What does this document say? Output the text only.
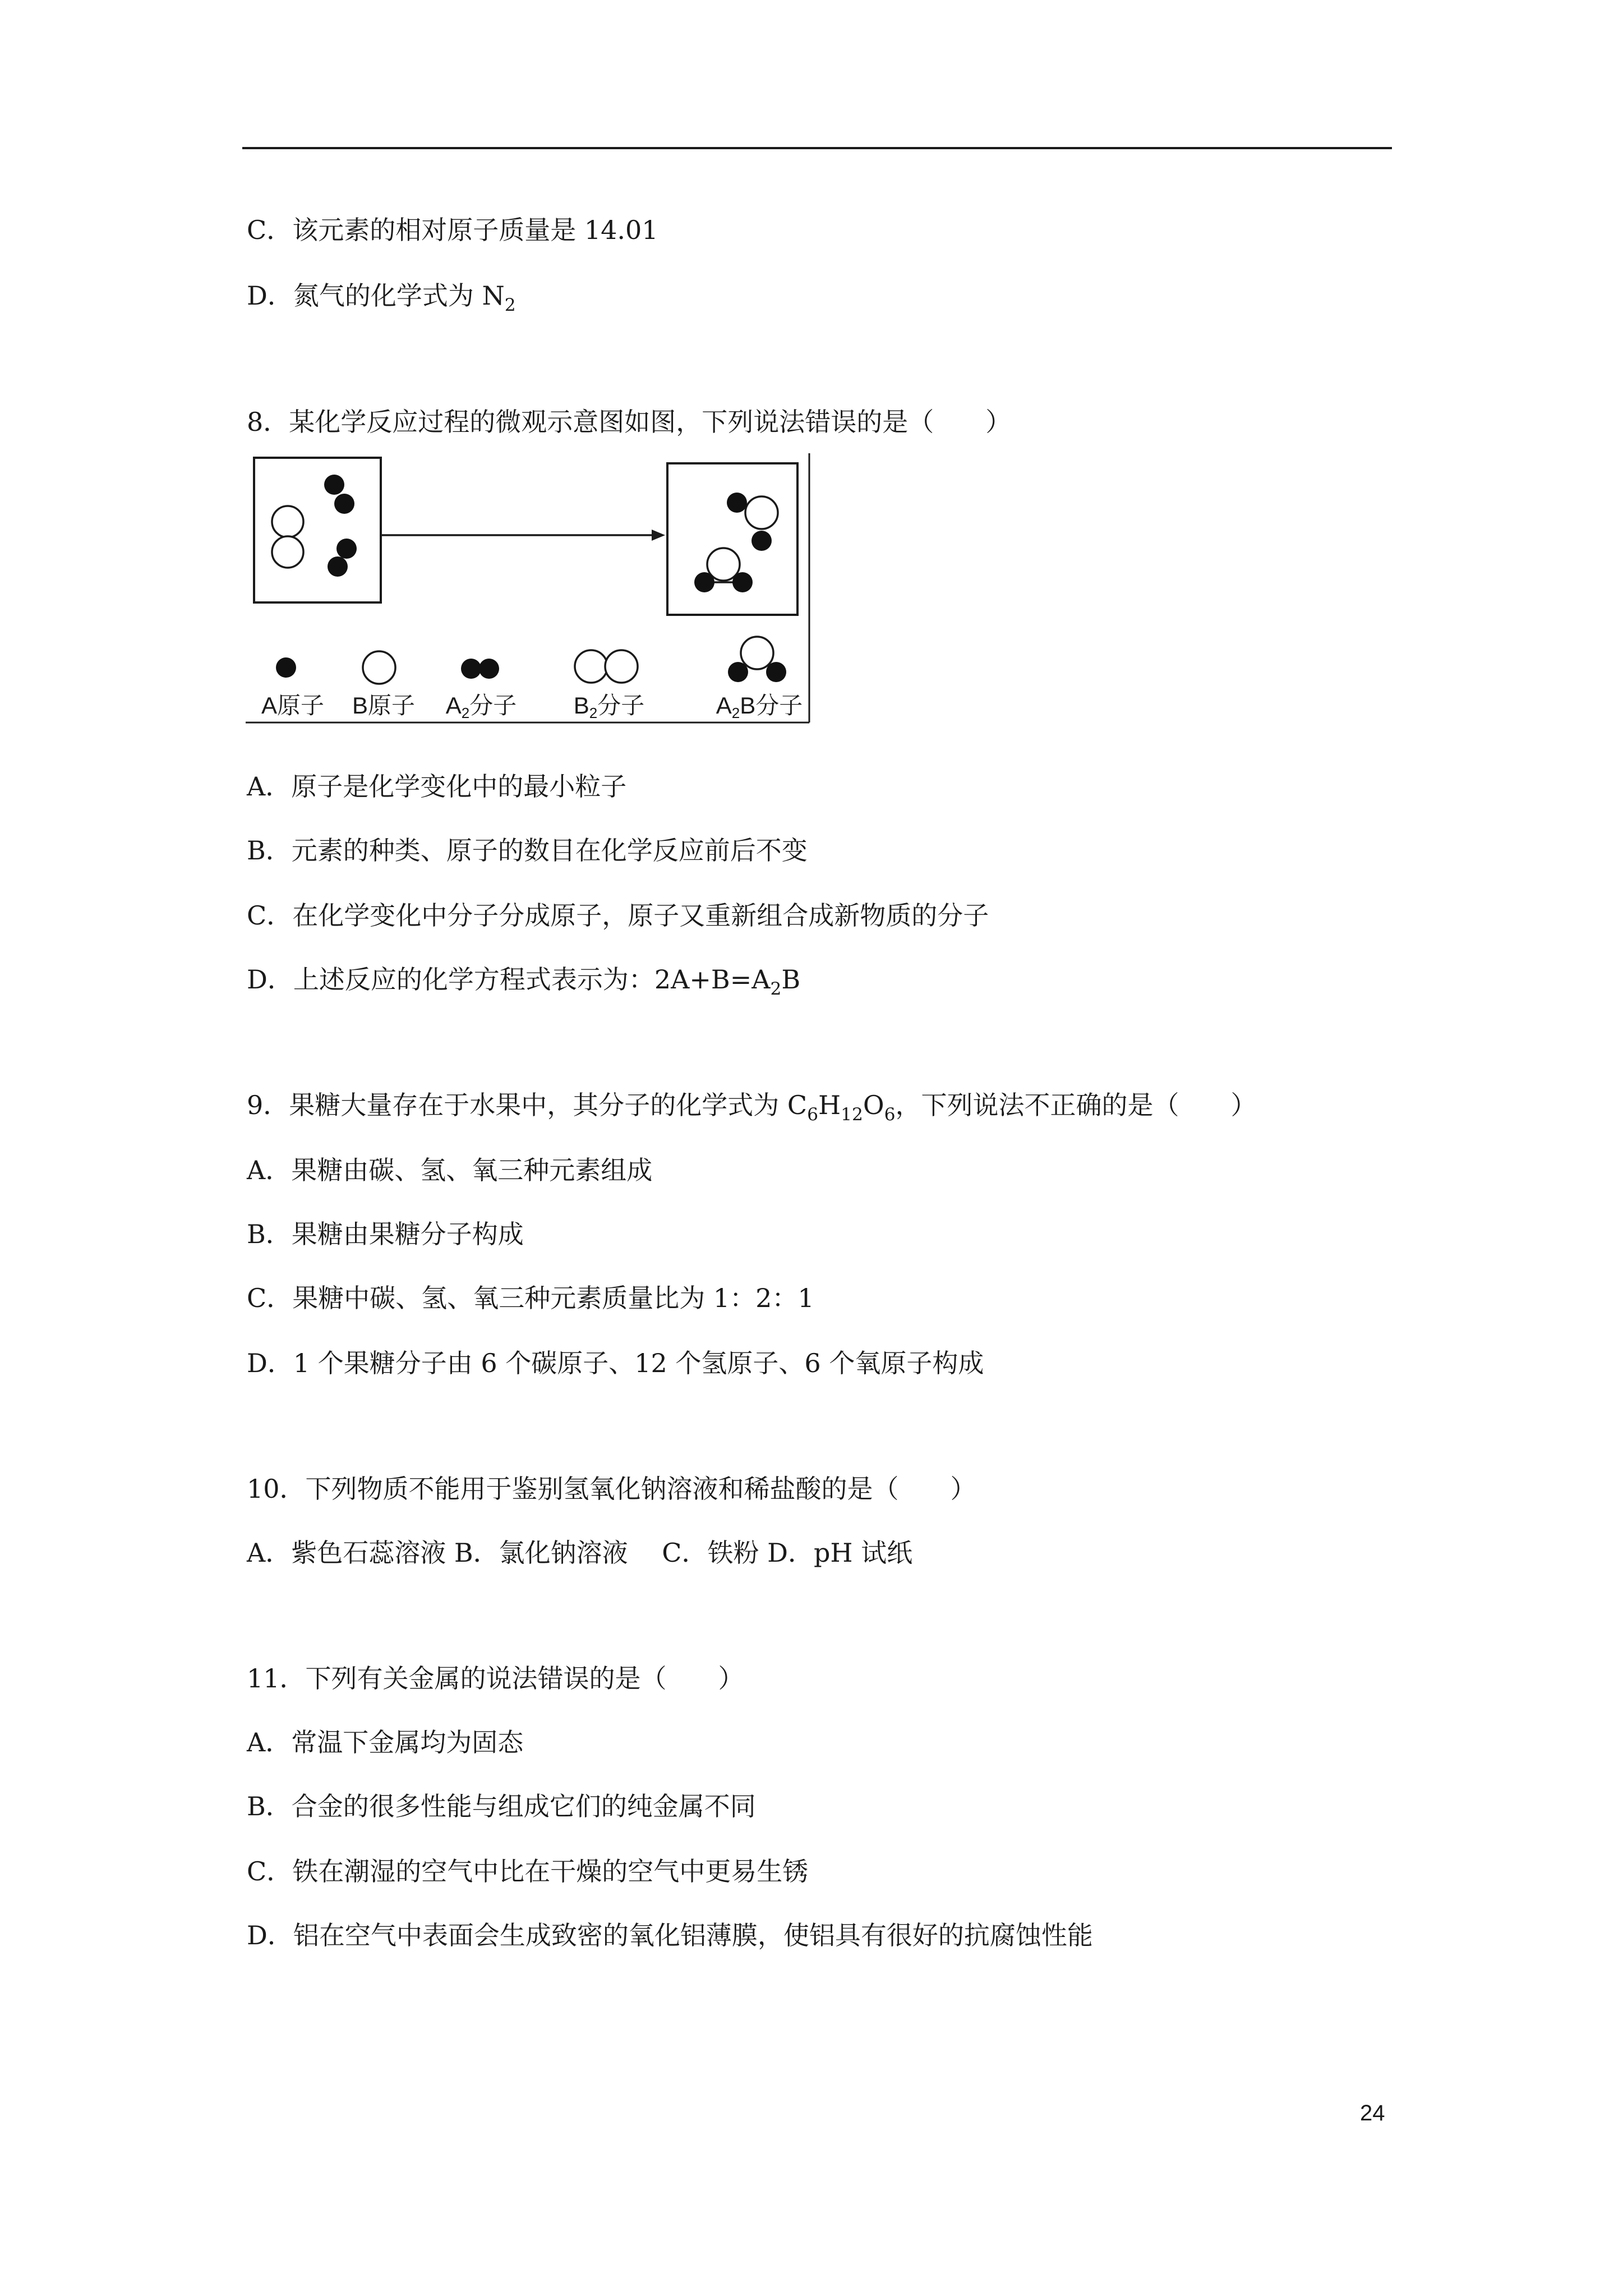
C．该元素的相对原子质量是 14.01
D．氮气的化学式为 $N_2$
8．某化学反应过程的微观示意图如图，下列说法错误的是（　　）
A原子 B原子 A2分子 B2分子	A2B分子
A．原子是化学变化中的最小粒子
B．元素的种类、原子的数目在化学反应前后不变
C．在化学变化中分子分成原子，原子又重新组合成新物质的分子
D．上述反应的化学方程式表示为：$2A+B=A_2B$
9．果糖大量存在于水果中，其分子的化学式为 $C_6H_{12}O_6$，下列说法不正确的是（　　）
A．果糖由碳、氢、氧三种元素组成
B．果糖由果糖分子构成
C．果糖中碳、氢、氧三种元素质量比为 1：2：1
D．1 个果糖分子由 6 个碳原子、12 个氢原子、6 个氧原子构成
10．下列物质不能用于鉴别氢氧化钠溶液和稀盐酸的是（　　）
A．紫色石蕊溶液 B．氯化钠溶液　 C．铁粉 D．pH 试纸
11．下列有关金属的说法错误的是（　　）
A．常温下金属均为固态
B．合金的很多性能与组成它们的纯金属不同
C．铁在潮湿的空气中比在干燥的空气中更易生锈
D．铝在空气中表面会生成致密的氧化铝薄膜，使铝具有很好的抗腐蚀性能
24
